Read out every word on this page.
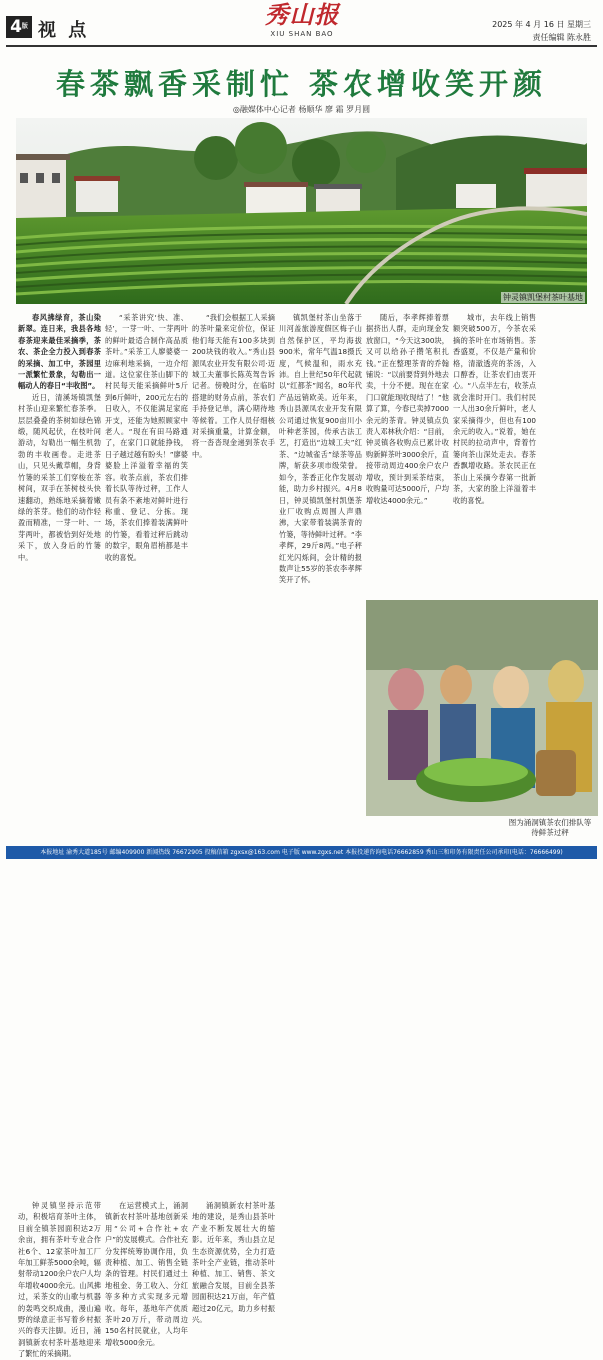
$4^版$ 视 点
秀山报
XIU SHAN BAO
2025 年 4 月 16 日 星期三
责任编辑 陈永胜
春茶飘香采制忙 茶农增收笑开颜
◎融媒体中心记者 杨顺华 廖 霜 罗月圆
钟灵镇凯堡村茶叶基地

春风拂绿育，茶山染新翠。连日来，我县各地春茶迎来最佳采摘季，茶农、茶企全力投入到春茶的采摘、加工中，茶园里一派繁忙景象，勾勒出一幅动人的春日“丰收图”。

近日，清溪场镇凯堡村茶山迎来繁忙春茶季。层层叠叠的茶树如绿色锦缎，随风起伏，在枝叶间游动，勾勒出一幅生机勃勃的丰收画卷。走进茶山，只见头戴草帽，身背竹篓的采茶工们穿梭在茶树间，双手在茶树枝头快速翻动，熟练地采摘着嫩绿的茶芽。他们的动作轻盈而精准，一芽一叶、一芽两叶，都被恰到好处地采下，放入身后的竹篓中。

“采茶讲究‘快、准、轻’，一芽一叶、一芽两叶的鲜叶最适合制作高品质茶叶。”采茶工人廖婆婆一边麻利地采摘，一边介绍道。这位家住茶山脚下的村民每天能采摘鲜叶5斤到6斤鲜叶，200元左右的日收入，不仅能满足家庭开支，还能为她照顾家中老人。“现在有田马路通了，在家门口就能挣钱，日子越过越有盼头！”廖婆婆脸上洋溢着幸福的笑容。收茶点前，茶农们排着长队等待过秤，工作人员有条不紊地对鲜叶进行称重、登记、分拣。现场，茶农们捧着装满鲜叶的竹篓，看着过秤后跳动的数字，眼角眉梢都是丰收的喜悦。

“我们会根据工人采摘的茶叶量来定价位，保证他们每天能有100多块到200块钱的收入。”秀山县源凤农业开发有限公司·迈城工夫董事长陈英驾告诉记者。傍晚时分，在临时搭建的财务点前，茶农们手持登记单，满心期待地等候着。工作人员仔细核对采摘重量，计算金额，将一沓沓现金递到茶农手中。

镇凯堡村茶山坐落于川河盖旅游度假区梅子山自然保护区，平均海拔900米，常年气温18摄氏度，气候温和，雨水充沛。自上世纪50年代起就以“红都茶”闻名，80年代产品远销欧美。近年来，秀山县源凤农业开发有限公司通过恢复900亩川小叶种老茶园，传承古法工艺，打造出“边城工夫”红茶、“边城雀舌”绿茶等品牌，斩获多项市级荣誉。如今，茶香正化作发展动能，助力乡村振兴。4月8日，钟灵镇凯堡村凯堡茶业厂收购点周围人声鼎沸，大家带着装满茶青的竹篓，等待鲜叶过秤。“李孝辉，29斤8两。”电子秤红光闪烁间，会计精的报数声让55岁的茶农李孝辉笑开了怀。

随后，李孝辉捧着票据挤出人群，走向现金发放窗口，“今天这300块，又可以给孙子攒笔积扎钱。”正在整理茶青的乔翰铺说：“以前要背到外地去卖，十分不便。现在在家门口就能现收现结了！”他算了算，今春已卖掉7000余元的茶青。钟灵镇点负责人邓林秋介绍：“目前，钟灵镇各收购点已累计收购新鲜茶叶3000余斤，直接带动周边400余户农户增收，预计到采茶结束，收购量可达5000斤，户均增收达4000余元。”

城市，去年线上销售额突破500万，今茶农采摘的茶叶在市场销售。茶香盛夏，不仅是产量和价格，清澈透亮的茶汤，入口醇香，让茶农们由衷开心。“八点半左右，收茶点就会准时开门。我们村民一人出30余斤鲜叶，老人家采摘得少，但也有100余元的收入。”说着，她在村民的拉动声中，背着竹篓向茶山深处走去。春茶香飘增收路。茶农民正在茶山上采摘今春第一批新茶，大家的脸上洋溢着丰收的喜悦。

图为涌洞镇茶农们排队等待鲜茶过秤

钟灵镇坚持示范带动，积极培育茶叶主体，目前全镇茶园面积达2万余亩，拥有茶叶专业合作社6个、12家茶叶加工厂年加工鲜茶5000余吨，辐射带动1200余户农户人均年增收4000余元。山风拂过，采茶女的山歌与机器的轰鸣交织成曲，漫山遍野的绿意正书写着乡村振兴的春天注脚。近日，涌洞镇新农村茶叶基地迎来了繁忙的采摘期。

在运营模式上，涌洞镇新农村茶叶基地创新采用“公司+合作社+农户”的发展模式。合作社充分发挥统筹协调作用，负责种植、加工、销售全链条的管理。村民们通过土地租金、务工收入、分红等多种方式实现多元增收。每年，基地年产优质茶叶20万斤，带动周边150名村民就业，人均年增收5000余元。

涌洞镇新农村茶叶基地的建设，是秀山县茶叶产业不断发展壮大的缩影。近年来，秀山县立足生态资源优势，全力打造茶叶全产业链，推动茶叶种植、加工、销售、茶文旅融合发展，目前全县茶园面积达21万亩，年产值超过20亿元，助力乡村振兴。

本报地址 渝秀大道185号 邮编409900 新闻热线 76672905 投稿信箱 zgxsx@163.com 电子版 www.zgxs.net 本报投递咨询电话76662859 秀山三和印务有限责任公司承印(电话：76666499)
